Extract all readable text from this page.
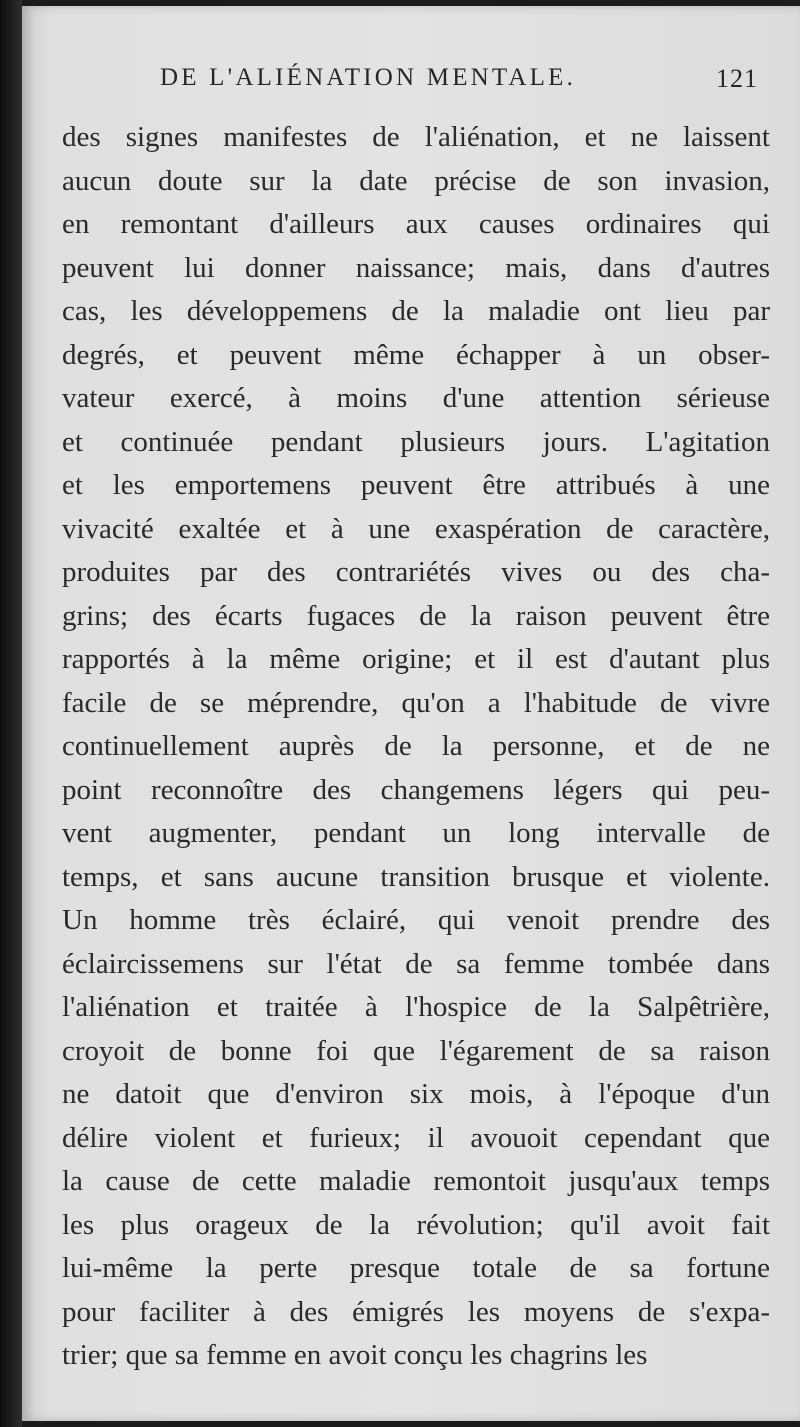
DE L'ALIÉNATION MENTALE.	121
des signes manifestes de l'aliénation, et ne laissent
aucun doute sur la date précise de son invasion,
en remontant d'ailleurs aux causes ordinaires qui
peuvent lui donner naissance; mais, dans d'autres
cas, les développemens de la maladie ont lieu par
degrés, et peuvent même échapper à un obser-
vateur exercé, à moins d'une attention sérieuse
et continuée pendant plusieurs jours. L'agitation
et les emportemens peuvent être attribués à une
vivacité exaltée et à une exaspération de caractère,
produites par des contrariétés vives ou des cha-
grins; des écarts fugaces de la raison peuvent être
rapportés à la même origine; et il est d'autant plus
facile de se méprendre, qu'on a l'habitude de vivre
continuellement auprès de la personne, et de ne
point reconnoître des changemens légers qui peu-
vent augmenter, pendant un long intervalle de
temps, et sans aucune transition brusque et violente.
Un homme très éclairé, qui venoit prendre des
éclaircissemens sur l'état de sa femme tombée dans
l'aliénation et traitée à l'hospice de la Salpêtrière,
croyoit de bonne foi que l'égarement de sa raison
ne datoit que d'environ six mois, à l'époque d'un
délire violent et furieux; il avouoit cependant que
la cause de cette maladie remontoit jusqu'aux temps
les plus orageux de la révolution; qu'il avoit fait
lui-même la perte presque totale de sa fortune
pour faciliter à des émigrés les moyens de s'expa-
trier; que sa femme en avoit conçu les chagrins les
